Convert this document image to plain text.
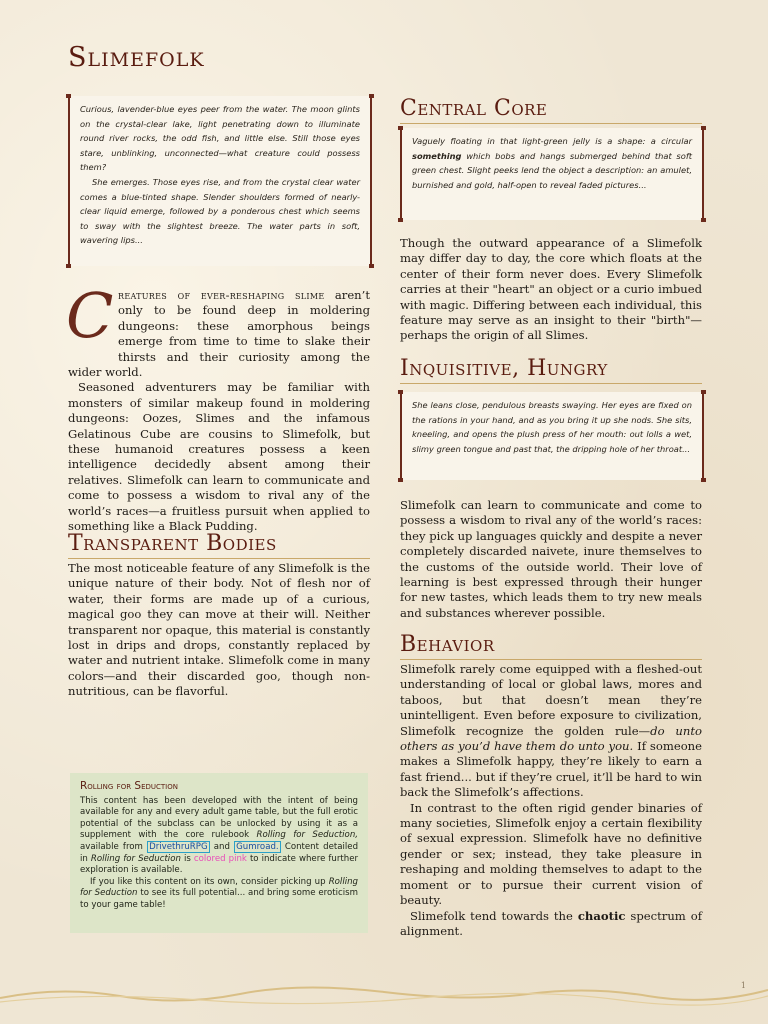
Slimefolk

Curious, lavender-blue eyes peer from the water. The moon glints on the crystal-clear lake, light penetrating down to illuminate round river rocks, the odd fish, and little else. Still those eyes stare, unblinking, unconnected—what creature could possess them?

She emerges. Those eyes rise, and from the crystal clear water comes a blue-tinted shape. Slender shoulders formed of nearly-clear liquid emerge, followed by a ponderous chest which seems to sway with the slightest breeze. The water parts in soft, wavering lips...

C reatures of ever-reshaping slime aren’t only to be found deep in moldering dungeons: these amorphous beings emerge from time to time to slake their thirsts and their curiosity among the wider world.

Seasoned adventurers may be familiar with monsters of similar makeup found in moldering dungeons: Oozes, Slimes and the infamous Gelatinous Cube are cousins to Slimefolk, but these humanoid creatures possess a keen intelligence decidedly absent among their relatives. Slimefolk can learn to communicate and come to possess a wisdom to rival any of the world’s races—a fruitless pursuit when applied to something like a Black Pudding.

Transparent Bodies

The most noticeable feature of any Slimefolk is the unique nature of their body. Not of flesh nor of water, their forms are made up of a curious, magical goo they can move at their will. Neither transparent nor opaque, this material is constantly lost in drips and drops, constantly replaced by water and nutrient intake. Slimefolk come in many colors—and their discarded goo, though non-nutritious, can be flavorful.

Rolling for Seduction

This content has been developed with the intent of being available for any and every adult game table, but the full erotic potential of the subclass can be unlocked by using it as a supplement with the core rulebook Rolling for Seduction, available from DrivethruRPG and Gumroad. Content detailed in Rolling for Seduction is colored pink to indicate where further exploration is available.

If you like this content on its own, consider picking up Rolling for Seduction to see its full potential... and bring some eroticism to your game table!

Central Core

Vaguely floating in that light-green jelly is a shape: a circular something which bobs and hangs submerged behind that soft green chest. Slight peeks lend the object a description: an amulet, burnished and gold, half-open to reveal faded pictures...

Though the outward appearance of a Slimefolk may differ day to day, the core which floats at the center of their form never does. Every Slimefolk carries at their "heart" an object or a curio imbued with magic. Differing between each individual, this feature may serve as an insight to their "birth"—perhaps the origin of all Slimes.

Inquisitive, Hungry

She leans close, pendulous breasts swaying. Her eyes are fixed on the rations in your hand, and as you bring it up she nods. She sits, kneeling, and opens the plush press of her mouth: out lolls a wet, slimy green tongue and past that, the dripping hole of her throat...

Slimefolk can learn to communicate and come to possess a wisdom to rival any of the world’s races: they pick up languages quickly and despite a never completely discarded naivete, inure themselves to the customs of the outside world. Their love of learning is best expressed through their hunger for new tastes, which leads them to try new meals and substances wherever possible.

Behavior

Slimefolk rarely come equipped with a fleshed-out understanding of local or global laws, mores and taboos, but that doesn’t mean they’re unintelligent. Even before exposure to civilization, Slimefolk recognize the golden rule—do unto others as you’d have them do unto you. If someone makes a Slimefolk happy, they’re likely to earn a fast friend... but if they’re cruel, it’ll be hard to win back the Slimefolk’s affections.

In contrast to the often rigid gender binaries of many societies, Slimefolk enjoy a certain flexibility of sexual expression. Slimefolk have no definitive gender or sex; instead, they take pleasure in reshaping and molding themselves to adapt to the moment or to pursue their current vision of beauty.

Slimefolk tend towards the chaotic spectrum of alignment.

1
